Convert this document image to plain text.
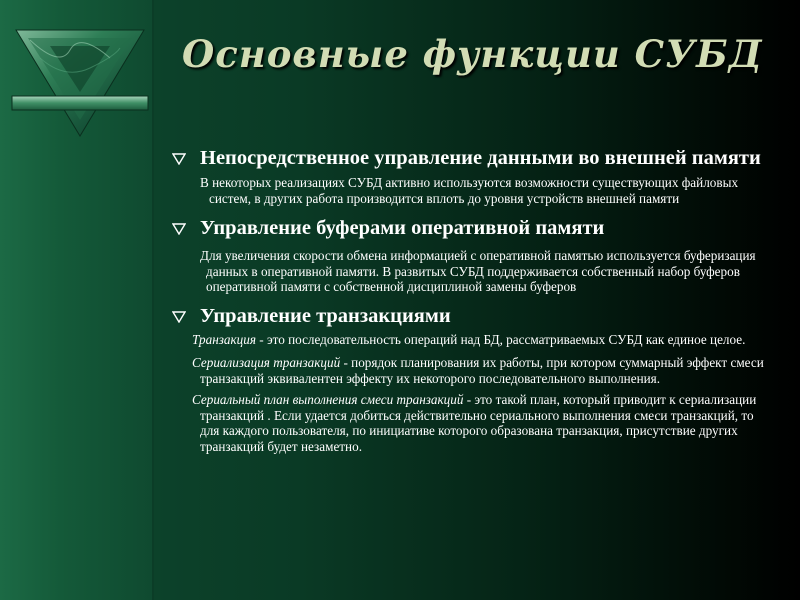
Основные функции СУБД
Непосредственное управление данными во внешней памяти
В некоторых реализациях СУБД активно используются возможности существующих файловых систем, в других работа производится вплоть до уровня устройств внешней памяти
Управление буферами оперативной памяти
Для увеличения скорости обмена информацией с оперативной памятью используется буферизация данных в оперативной памяти. В развитых СУБД поддерживается собственный набор буферов оперативной памяти с собственной дисциплиной замены буферов
Управление транзакциями
Транзакция - это последовательность операций над БД, рассматриваемых СУБД как единое целое.
Сериализация транзакций - порядок планирования их работы, при котором суммарный эффект смеси транзакций эквивалентен эффекту их некоторого последовательного выполнения.
Сериальный план выполнения смеси транзакций - это такой план, который приводит к сериализации транзакций . Если удается добиться действительно сериального выполнения смеси транзакций, то для каждого пользователя, по инициативе которого образована транзакция, присутствие других транзакций будет незаметно.
